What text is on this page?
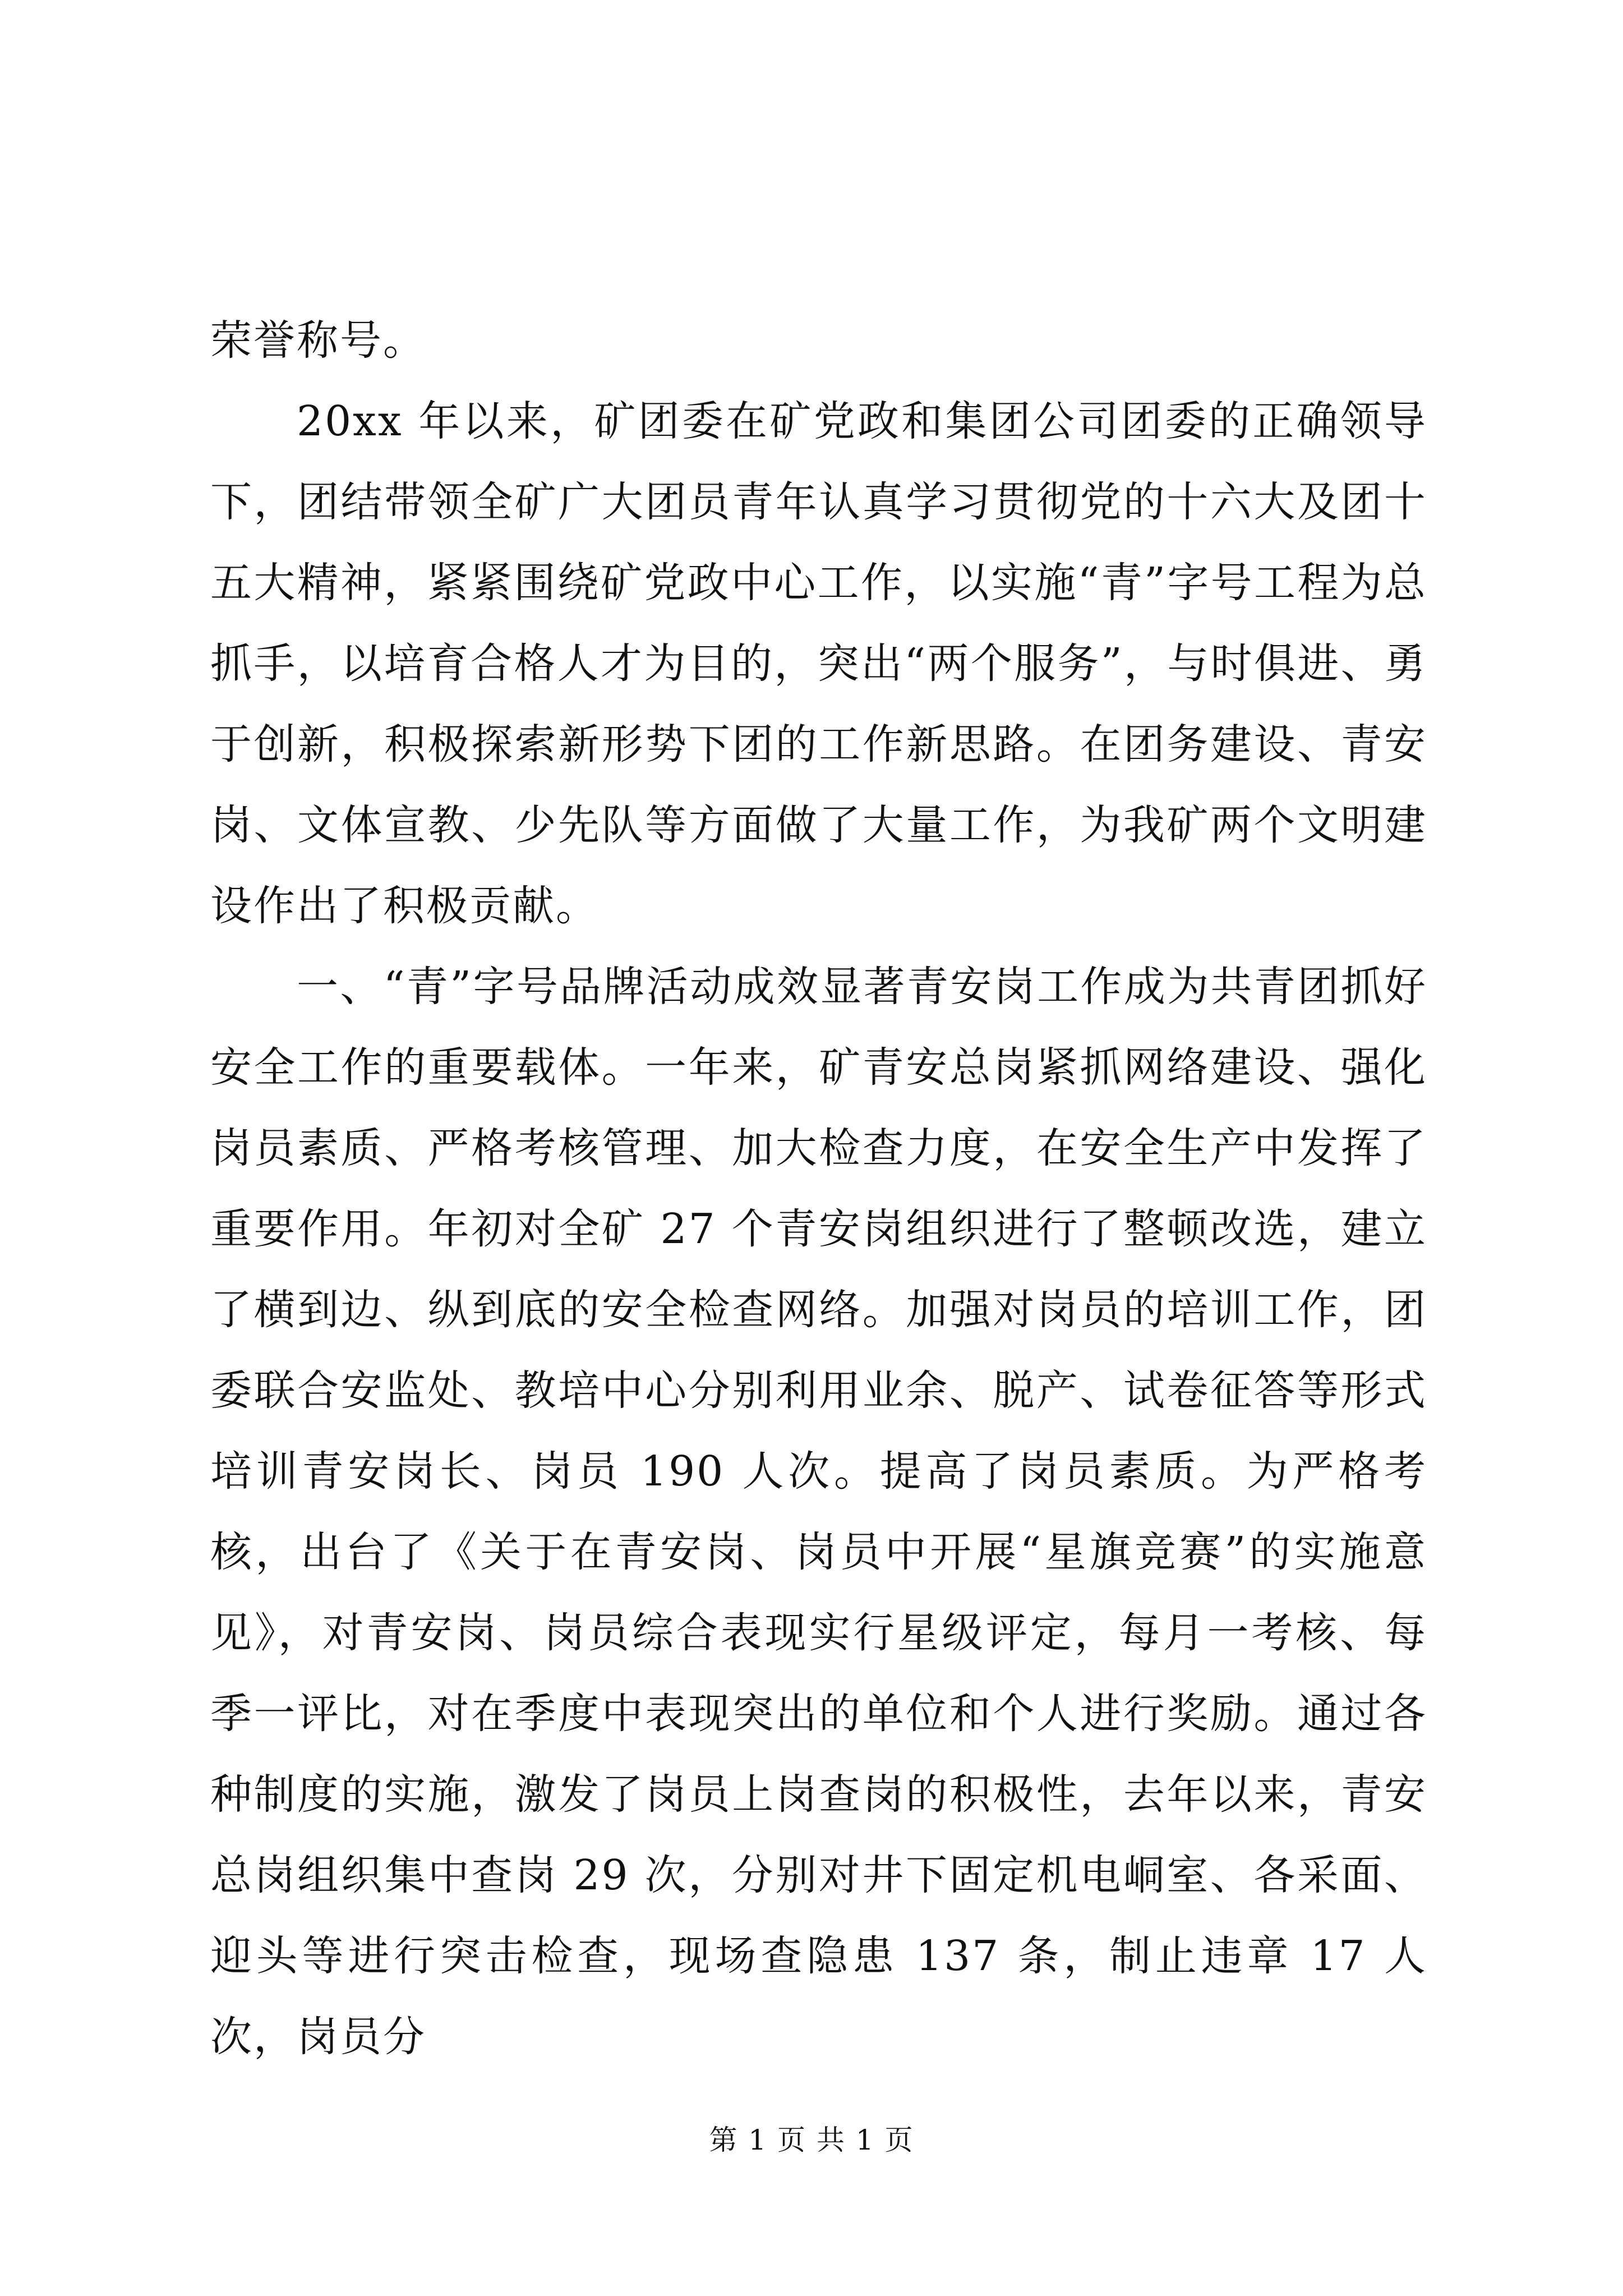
荣誉称号。

20xx 年以来，矿团委在矿党政和集团公司团委的正确领导下，团结带领全矿广大团员青年认真学习贯彻党的十六大及团十五大精神，紧紧围绕矿党政中心工作，以实施“青”字号工程为总抓手，以培育合格人才为目的，突出“两个服务”，与时俱进、勇于创新，积极探索新形势下团的工作新思路。在团务建设、青安岗、文体宣教、少先队等方面做了大量工作，为我矿两个文明建设作出了积极贡献。

一、“青”字号品牌活动成效显著青安岗工作成为共青团抓好安全工作的重要载体。一年来，矿青安总岗紧抓网络建设、强化岗员素质、严格考核管理、加大检查力度，在安全生产中发挥了重要作用。年初对全矿 27 个青安岗组织进行了整顿改选，建立了横到边、纵到底的安全检查网络。加强对岗员的培训工作，团委联合安监处、教培中心分别利用业余、脱产、试卷征答等形式培训青安岗长、岗员 190 人次。提高了岗员素质。为严格考核，出台了《关于在青安岗、岗员中开展“星旗竞赛”的实施意见》，对青安岗、岗员综合表现实行星级评定，每月一考核、每季一评比，对在季度中表现突出的单位和个人进行奖励。通过各种制度的实施，激发了岗员上岗查岗的积极性，去年以来，青安总岗组织集中查岗 29 次，分别对井下固定机电峒室、各采面、迎头等进行突击检查，现场查隐患 137 条，制止违章 17 人次，岗员分

第 1 页 共 1 页
